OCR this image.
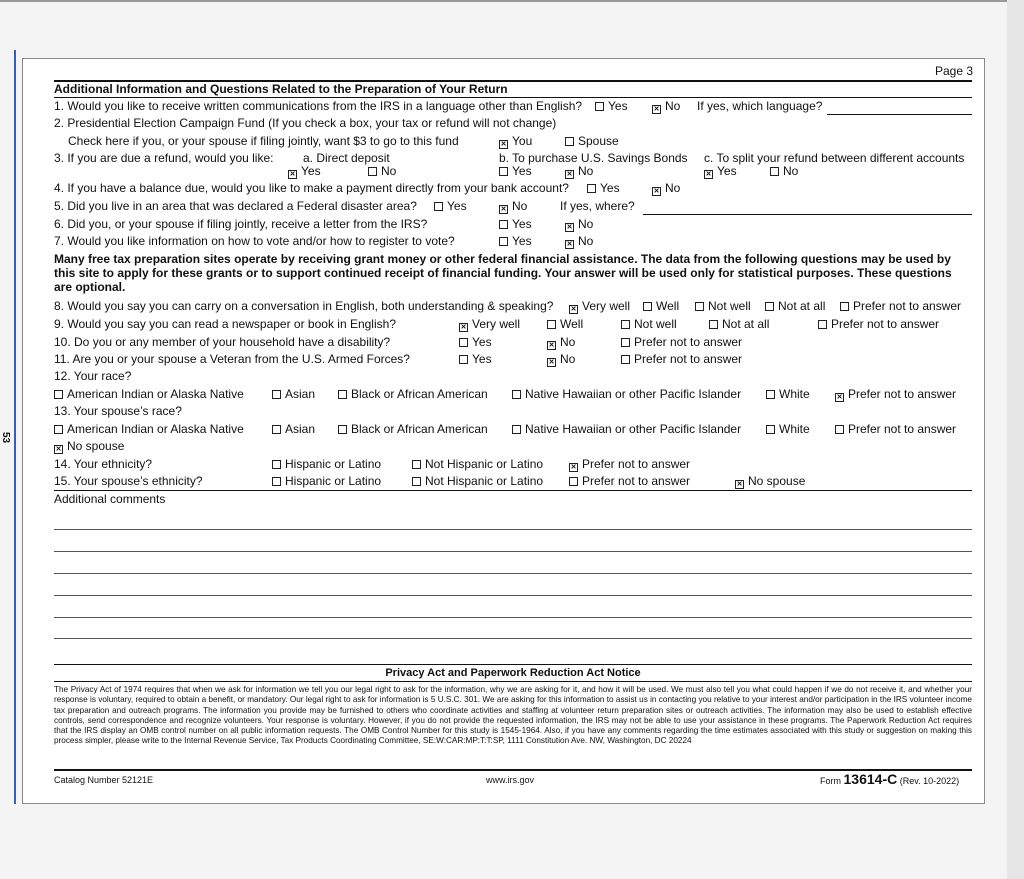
53
Page 3
Additional Information and Questions Related to the Preparation of Your Return
1. Would you like to receive written communications from the IRS in a language other than English?	Yes ✕	No If yes, which language?
2. Presidential Election Campaign Fund (If you check a box, your tax or refund will not change)
Check here if you, or your spouse if filing jointly, want $3 to go to this fund ✕	You	Spouse
3. If you are due a refund, would you like: a. Direct deposit	b. To purchase U.S. Savings Bonds c. To split your refund between different accounts
✕Yes	No	Yes ✕	No ✕	Yes	No
4. If you have a balance due, would you like to make a payment directly from your bank account?	Yes ✕	No
5. Did you live in an area that was declared a Federal disaster area?	Yes ✕	No	If yes, where?
6. Did you, or your spouse if filing jointly, receive a letter from the IRS?	Yes ✕	No
7. Would you like information on how to vote and/or how to register to vote?	Yes ✕	No
Many free tax preparation sites operate by receiving grant money or other federal financial assistance. The data from the following questions may be used by this site to apply for these grants or to support continued receipt of financial funding. Your answer will be used only for statistical purposes. These questions are optional.
8. Would you say you can carry on a conversation in English, both understanding & speaking? ✕	Very well	Well	Not well	Not at all	Prefer not to answer
9. Would you say you can read a newspaper or book in English? ✕	Very well	Well	Not well	Not at all	Prefer not to answer
10. Do you or any member of your household have a disability?	Yes ✕	No	Prefer not to answer
11. Are you or your spouse a Veteran from the U.S. Armed Forces?	Yes ✕	No	Prefer not to answer
12. Your race?
American Indian or Alaska Native	Asian	Black or African American	Native Hawaiian or other Pacific Islander	White ✕	Prefer not to answer
13. Your spouse’s race?
American Indian or Alaska Native	Asian	Black or African American	Native Hawaiian or other Pacific Islander	White	Prefer not to answer
✕No spouse
14. Your ethnicity?	Hispanic or Latino	Not Hispanic or Latino ✕	Prefer not to answer
15. Your spouse’s ethnicity?	Hispanic or Latino	Not Hispanic or Latino	Prefer not to answer ✕	No spouse
Additional comments
Privacy Act and Paperwork Reduction Act Notice
The Privacy Act of 1974 requires that when we ask for information we tell you our legal right to ask for the information, why we are asking for it, and how it will be used. We must also tell you what could happen if we do not receive it, and whether your response is voluntary, required to obtain a benefit, or mandatory. Our legal right to ask for information is 5 U.S.C. 301. We are asking for this information to assist us in contacting you relative to your interest and/or participation in the IRS volunteer income tax preparation and outreach programs. The information you provide may be furnished to others who coordinate activities and staffing at volunteer return preparation sites or outreach activities. The information may also be used to establish effective controls, send correspondence and recognize volunteers. Your response is voluntary. However, if you do not provide the requested information, the IRS may not be able to use your assistance in these programs. The Paperwork Reduction Act requires that the IRS display an OMB control number on all public information requests. The OMB Control Number for this study is 1545-1964. Also, if you have any comments regarding the time estimates associated with this study or suggestion on making this process simpler, please write to the Internal Revenue Service, Tax Products Coordinating Committee, SE:W:CAR:MP:T:T:SP, 1111 Constitution Ave. NW, Washington, DC 20224
Catalog Number 52121E	www.irs.gov	Form 13614-C (Rev. 10-2022)
